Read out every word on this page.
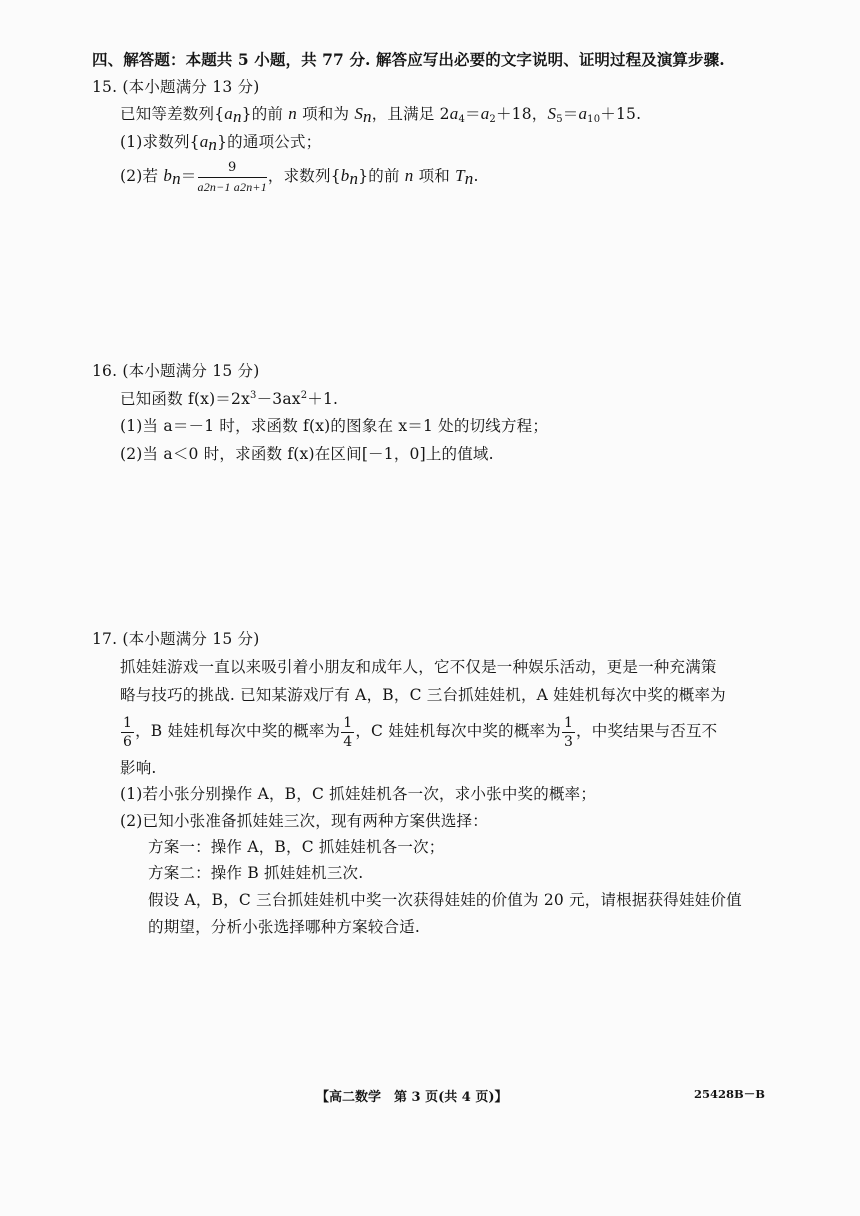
四、解答题：本题共 5 小题，共 77 分. 解答应写出必要的文字说明、证明过程及演算步骤.
15. (本小题满分 13 分)
已知等差数列$\{a_n\}$的前 n 项和为 $S_n$，且满足 $2a_4=a_2+18$，$S_5=a_{10}+15$.
(1)求数列$\{a_n\}$的通项公式；
(2)若 $b_n= \frac{9}{a2n-1 a2n+1}$ ，求数列$\{b_n\}$的前 n 项和 $T_n$.
16. (本小题满分 15 分)
已知函数 $f(x)=2x^3-3ax^2+1$.
(1)当 a＝－1 时，求函数 f(x)的图象在 x＝1 处的切线方程；
(2)当 a＜0 时，求函数 f(x)在区间[－1，0]上的值域.
17. (本小题满分 15 分)
抓娃娃游戏一直以来吸引着小朋友和成年人，它不仅是一种娱乐活动，更是一种充满策
略与技巧的挑战. 已知某游戏厅有 A，B，C 三台抓娃娃机，A 娃娃机每次中奖的概率为
$\frac{1}{6}$ ，B 娃娃机每次中奖的概率为 $\frac{1}{4}$ ，C 娃娃机每次中奖的概率为 $\frac{1}{3}$ ，中奖结果与否互不
影响.
(1)若小张分别操作 A，B，C 抓娃娃机各一次，求小张中奖的概率；
(2)已知小张准备抓娃娃三次，现有两种方案供选择：
方案一：操作 A，B，C 抓娃娃机各一次；
方案二：操作 B 抓娃娃机三次.
假设 A，B，C 三台抓娃娃机中奖一次获得娃娃的价值为 20 元，请根据获得娃娃价值
的期望，分析小张选择哪种方案较合适.
【高二数学　第 3 页(共 4 页)】	25428B－B
